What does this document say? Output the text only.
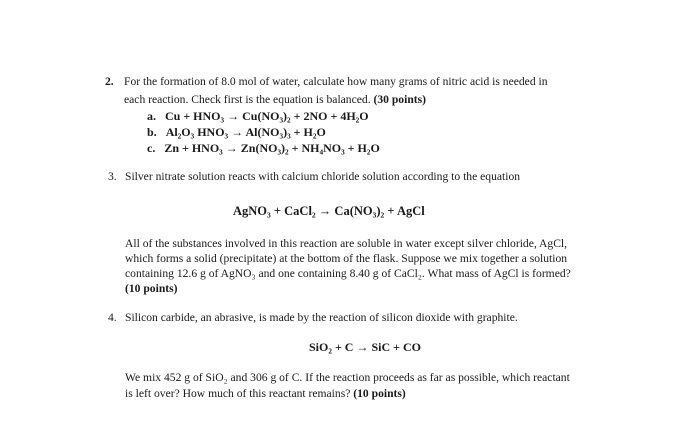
2. For the formation of 8.0 mol of water, calculate how many grams of nitric acid is needed in
each reaction. Check first is the equation is balanced. (30 points)
a. Cu + HNO₃ → Cu(NO₃)₂ + 2NO + 4H₂O
b. Al₂O₃ HNO₃ → Al(NO₃)₃ + H₂O
c. Zn + HNO₃ → Zn(NO₃)₂ + NH₄NO₃ + H₂O
3. Silver nitrate solution reacts with calcium chloride solution according to the equation
AgNO₃ + CaCl₂ → Ca(NO₃)₂ + AgCl
All of the substances involved in this reaction are soluble in water except silver chloride, AgCl,
which forms a solid (precipitate) at the bottom of the flask. Suppose we mix together a solution
containing 12.6 g of AgNO₃ and one containing 8.40 g of CaCl₂. What mass of AgCl is formed?
(10 points)
4. Silicon carbide, an abrasive, is made by the reaction of silicon dioxide with graphite.
SiO₂ + C → SiC + CO
We mix 452 g of SiO₂ and 306 g of C. If the reaction proceeds as far as possible, which reactant
is left over? How much of this reactant remains? (10 points)
